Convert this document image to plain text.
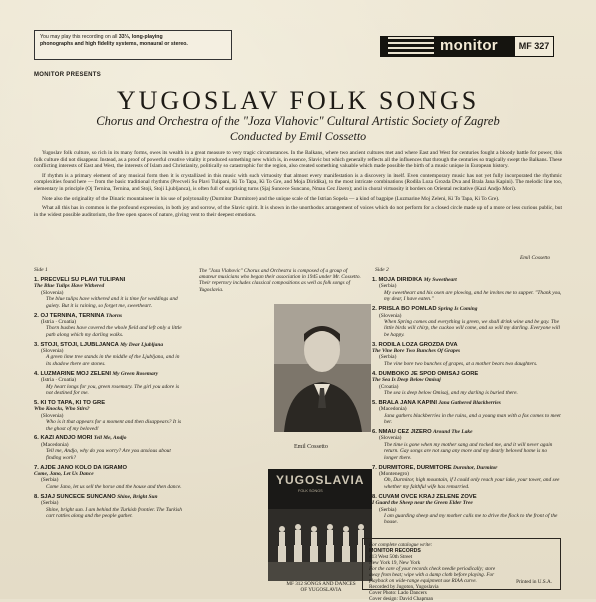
You may play this recording on all 33⅓, long-playing
phonographs and high fidelity systems, monaural or stereo.	monitor	MF 327
MONITOR PRESENTS
YUGOSLAV FOLK SONGS
Chorus and Orchestra of the "Joza Vlahovic" Cultural Artistic Society of Zagreb
Conducted by Emil Cossetto

Yugoslav folk culture, so rich in its many forms, owes its wealth in a great measure to very tragic circumstances. In the Balkans, where two ancient cultures met and where East and West for centuries fought a bloody battle for power, this folk culture did not disappear. Instead, as a proof of powerful creative vitality it produced something new which is, in essence, Slavic but which generally reflects all the influences that through the centuries so tragically swept the Balkans. These conflicting interests of East and West, the interests of Islam and Christianity, politically so catastrophic for the region, also created something valuable which made possible the birth of a music unique in European history.

If rhythm is a primary element of any musical form then it is crystallized in this music with such virtuosity that almost every manifestation is a discovery in itself. Even contemporary music has not yet fully incorporated the rhythmic complexities found here — from the basic traditional rhythms (Precveli Su Plavi Tulipani, Ki To Tapa, Ki To Gre, and Moja Diridika), to the most intricate combinations (Rodila Loza Grozda Dva and Brala Jana Kapini). The melodic line too, elementary in principle (Oj Ternina, Ternina, and Stoji, Stoji Ljubljanca), is often full of surprising turns (Sjaj Suncece Suncano, Nmau Cez Jizero); and in choral virtuosity it borders on Oriental recitative (Kazi Andjo Mori).

Note also the originality of the Dinaric mountaineer in his use of polytonality (Durmitor Durmitore) and the unique scale of the Istrian Sopela — a kind of bagpipe (Luzmarine Moj Zeleni, Ki To Tapa, Ki To Gre).

What all this has in common is the profound expression, in both joy and sorrow, of the Slavic spirit. It is shown in the unorthodox arrangement of voices which do not perform for a closed circle made up of a more or less curious public, but in the widest possible auditorium, the free open spaces of nature, giving vent to their deepest emotions.

Emil Cossetto
Side 1
1. PRECVELI SU PLAVI TULIPANI
The Blue Tulips Have Withered
(Slovenia)
The blue tulips have withered and it is time for weddings and gaiety. But it is raining, so forget me, sweetheart.
2. OJ TERNINA, TERNINA Thorns
(Istria · Croatia)
Thorn bushes have covered the whole field and left only a little path along which my darling walks.
3. STOJI, STOJI, LJUBLJANCA My Dear Ljubljana
(Slovenia)
A green lime tree stands in the middle of the Ljubljana, and in its shadow there are stones.
4. LUZMARINE MOJ ZELENI My Green Rosemary
(Istria · Croatia)
My heart longs for you, green rosemary. The girl you adore is not destined for me.
5. KI TO TAPA, KI TO GRE
Who Knocks, Who Stirs?
(Slovenia)
Who is it that appears for a moment and then disappears? It is the ghost of my beloved!
6. KAZI ANDJO MORI Tell Me, Andjo
(Macedonia)
Tell me, Andjo, why do you worry? Are you anxious about finding work?
7. AJDE JANO KOLO DA IGRAMO
Come, Jano, Let Us Dance
(Serbia)
Come Jano, let us sell the horse and the house and then dance.
8. SJAJ SUNCECE SUNCANO Shine, Bright Sun
(Serbia)
Shine, bright sun. I am behind the Turkish frontier. The Turkish cart rattles along and the people gather.
The "Joza Vlahovic" Chorus and Orchestra is composed of a group of amateur musicians who began their association in 1945 under Mr. Cossetto. Their repertory includes classical compositions as well as folk songs of Yugoslavia.
Emil Cossetto
YUGOSLAVIA
FOLK SONGS
MF 312 SONGS AND DANCES
OF YUGOSLAVIA
Side 2
1. MOJA DIRIDIKA My Sweetheart
(Serbia)
My sweetheart and his oxen are plowing, and he invites me to supper. "Thank you, my dear, I have eaten."
2. PRISLA BO POMLAD Spring Is Coming
(Slovenia)
When Spring comes and everything is green, we shall drink wine and be gay. The little birds will chirp, the cuckoo will come, and so will my darling. Everyone will be happy.
3. RODILA LOZA GROZDA DVA
The Vine Bore Two Bunches Of Grapes
(Serbia)
The vine bore two bunches of grapes, at a mother bears two daughters.
4. DUMBOKO JE SPOD OMISAJ GORE
The Sea Is Deep Below Omisaj
(Croatia)
The sea is deep below Omisaj, and my darling is buried there.
5. BRALA JANA KAPINI Jana Gathered Blackberries
(Macedonia)
Jana gathers blackberries in the ruins, and a young man with a fox comes to meet her.
6. NMAU CEZ JIZERO Around The Lake
(Slovenia)
The time is gone when my mother sang and rocked me, and it will never again return. Gay songs are not sung any more and my dearly beloved home is no longer there.
7. DURMITORE, DURMITORE Durmitor, Durmitor
(Montenegro)
Oh, Durmitor, high mountain, if I could only reach your lake, your tower, and see whether my faithful wife has remarried.
8. CUVAM OVCE KRAJ ZELENE ZOVE
I Guard the Sheep near the Green Elder Tree
(Serbia)
I am guarding sheep and my mother calls me to drive the flock to the front of the house.
For complete catalogue write:
MONITOR RECORDS
413 West 50th Street
New York 19, New York
For the care of your records check needle periodically; store away from heat; wipe with a damp cloth before playing. For playback on wide-range equipment use RIAA curve.
Recorded by Jugoton, Yugoslavia
Cover Photo: Lado Dancers
Cover design: David Chapman
Printed in U.S.A.
